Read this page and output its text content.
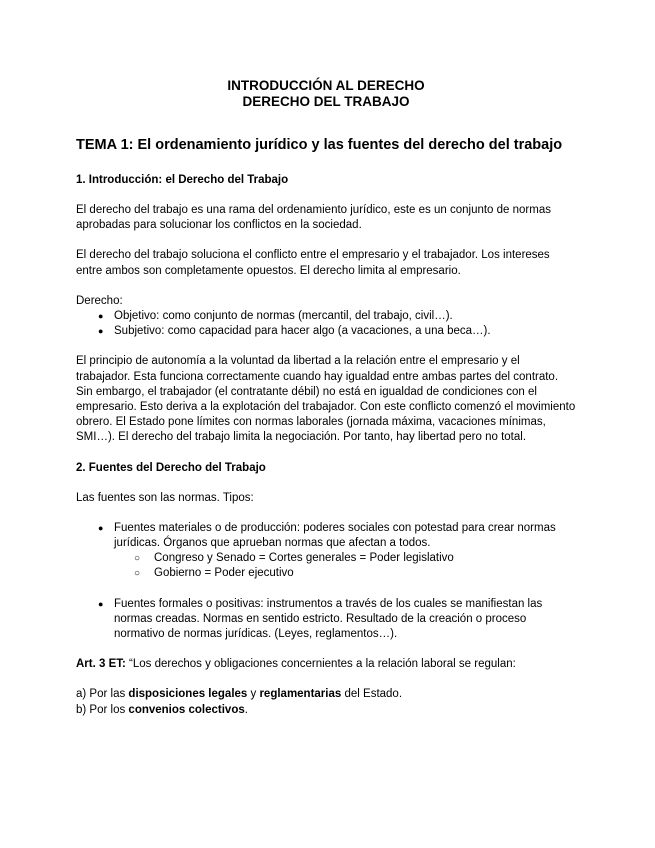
INTRODUCCIÓN AL DERECHO
DERECHO DEL TRABAJO
TEMA 1: El ordenamiento jurídico y las fuentes del derecho del trabajo
1. Introducción: el Derecho del Trabajo

El derecho del trabajo es una rama del ordenamiento jurídico, este es un conjunto de normas aprobadas para solucionar los conflictos en la sociedad.

El derecho del trabajo soluciona el conflicto entre el empresario y el trabajador. Los intereses entre ambos son completamente opuestos. El derecho limita al empresario.

Derecho:

● Objetivo: como conjunto de normas (mercantil, del trabajo, civil…).
● Subjetivo: como capacidad para hacer algo (a vacaciones, a una beca…).

El principio de autonomía a la voluntad da libertad a la relación entre el empresario y el trabajador. Esta funciona correctamente cuando hay igualdad entre ambas partes del contrato. Sin embargo, el trabajador (el contratante débil) no está en igualdad de condiciones con el empresario. Esto deriva a la explotación del trabajador. Con este conflicto comenzó el movimiento obrero. El Estado pone límites con normas laborales (jornada máxima, vacaciones mínimas, SMI…). El derecho del trabajo limita la negociación. Por tanto, hay libertad pero no total.

2. Fuentes del Derecho del Trabajo

Las fuentes son las normas. Tipos:

● Fuentes materiales o de producción: poderes sociales con potestad para crear normas jurídicas. Órganos que aprueban normas que afectan a todos.
○ Congreso y Senado = Cortes generales = Poder legislativo
○ Gobierno = Poder ejecutivo
● Fuentes formales o positivas: instrumentos a través de los cuales se manifiestan las normas creadas. Normas en sentido estricto. Resultado de la creación o proceso normativo de normas jurídicas. (Leyes, reglamentos…).

Art. 3 ET: “Los derechos y obligaciones concernientes a la relación laboral se regulan:

a) Por las disposiciones legales y reglamentarias del Estado.

b) Por los convenios colectivos.
